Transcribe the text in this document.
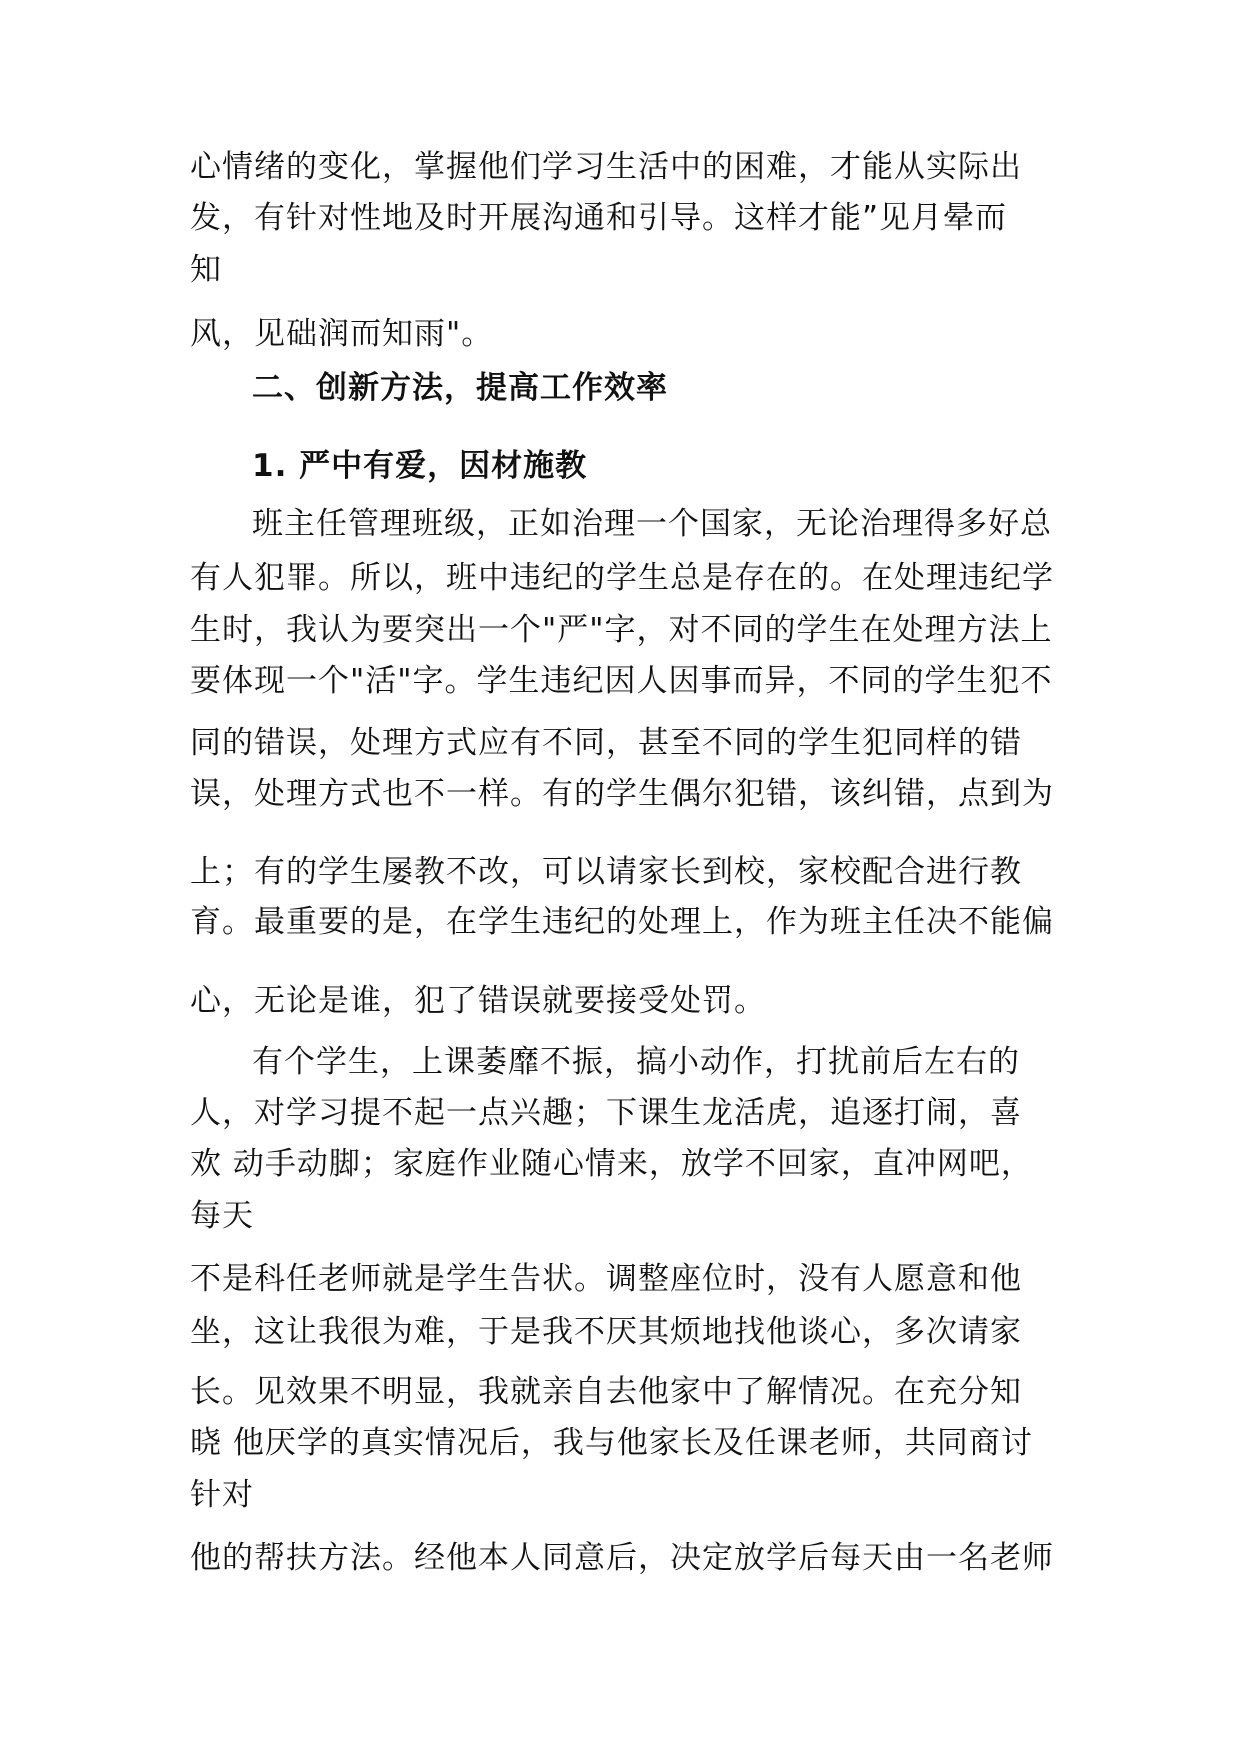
心情绪的变化，掌握他们学习生活中的困难，才能从实际出
发，有针对性地及时开展沟通和引导。这样才能”见月晕而
知
风，见础润而知雨"。
二、创新方法，提高工作效率
1. 严中有爱，因材施教
班主任管理班级，正如治理一个国家，无论治理得多好总
有人犯罪。所以，班中违纪的学生总是存在的。在处理违纪学
生时，我认为要突出一个"严"字，对不同的学生在处理方法上
要体现一个"活"字。学生违纪因人因事而异，不同的学生犯不
同的错误，处理方式应有不同，甚至不同的学生犯同样的错
误，处理方式也不一样。有的学生偶尔犯错，该纠错，点到为
上；有的学生屡教不改，可以请家长到校，家校配合进行教
育。最重要的是，在学生违纪的处理上，作为班主任决不能偏
心，无论是谁，犯了错误就要接受处罚。
有个学生，上课萎靡不振，搞小动作，打扰前后左右的
人，对学习提不起一点兴趣；下课生龙活虎，追逐打闹，喜
欢 动手动脚；家庭作业随心情来，放学不回家，直冲网吧，
每天
不是科任老师就是学生告状。调整座位时，没有人愿意和他
坐，这让我很为难，于是我不厌其烦地找他谈心，多次请家
长。见效果不明显，我就亲自去他家中了解情况。在充分知
晓 他厌学的真实情况后，我与他家长及任课老师，共同商讨
针对
他的帮扶方法。经他本人同意后，决定放学后每天由一名老师
